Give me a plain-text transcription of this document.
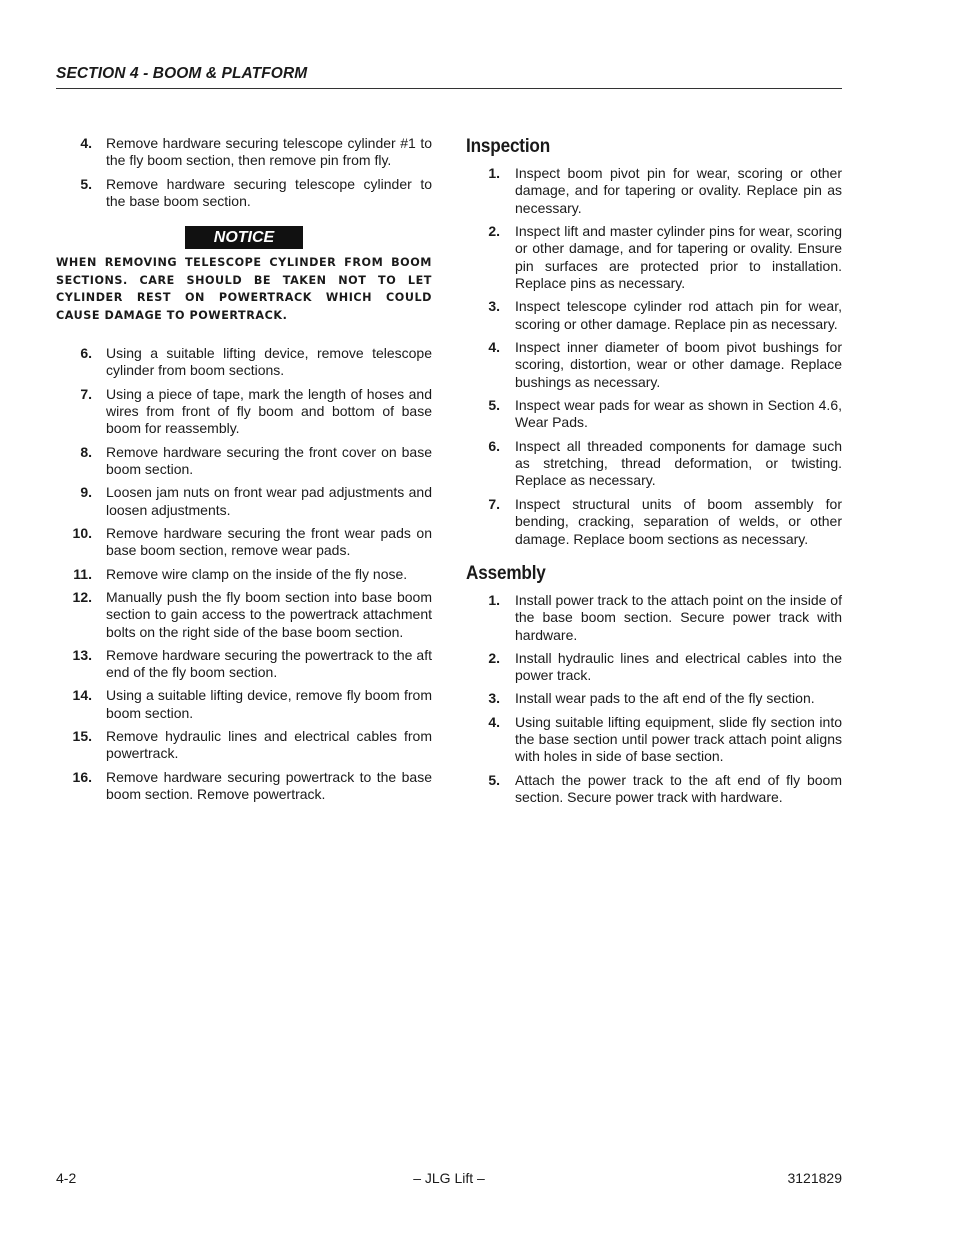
SECTION 4 - BOOM & PLATFORM
4. Remove hardware securing telescope cylinder #1 to the fly boom section, then remove pin from fly.
5. Remove hardware securing telescope cylinder to the base boom section.
NOTICE
WHEN REMOVING TELESCOPE CYLINDER FROM BOOM SECTIONS. CARE SHOULD BE TAKEN NOT TO LET CYLINDER REST ON POWERTRACK WHICH COULD CAUSE DAMAGE TO POWERTRACK.
6. Using a suitable lifting device, remove telescope cylinder from boom sections.
7. Using a piece of tape, mark the length of hoses and wires from front of fly boom and bottom of base boom for reassembly.
8. Remove hardware securing the front cover on base boom section.
9. Loosen jam nuts on front wear pad adjustments and loosen adjustments.
10. Remove hardware securing the front wear pads on base boom section, remove wear pads.
11. Remove wire clamp on the inside of the fly nose.
12. Manually push the fly boom section into base boom section to gain access to the powertrack attachment bolts on the right side of the base boom section.
13. Remove hardware securing the powertrack to the aft end of the fly boom section.
14. Using a suitable lifting device, remove fly boom from boom section.
15. Remove hydraulic lines and electrical cables from powertrack.
16. Remove hardware securing powertrack to the base boom section. Remove powertrack.
Inspection
1. Inspect boom pivot pin for wear, scoring or other damage, and for tapering or ovality. Replace pin as necessary.
2. Inspect lift and master cylinder pins for wear, scoring or other damage, and for tapering or ovality. Ensure pin surfaces are protected prior to installation. Replace pins as necessary.
3. Inspect telescope cylinder rod attach pin for wear, scoring or other damage. Replace pin as necessary.
4. Inspect inner diameter of boom pivot bushings for scoring, distortion, wear or other damage. Replace bushings as necessary.
5. Inspect wear pads for wear as shown in Section 4.6, Wear Pads.
6. Inspect all threaded components for damage such as stretching, thread deformation, or twisting. Replace as necessary.
7. Inspect structural units of boom assembly for bending, cracking, separation of welds, or other damage. Replace boom sections as necessary.
Assembly
1. Install power track to the attach point on the inside of the base boom section. Secure power track with hardware.
2. Install hydraulic lines and electrical cables into the power track.
3. Install wear pads to the aft end of the fly section.
4. Using suitable lifting equipment, slide fly section into the base section until power track attach point aligns with holes in side of base section.
5. Attach the power track to the aft end of fly boom section. Secure power track with hardware.
4-2	– JLG Lift –	3121829
